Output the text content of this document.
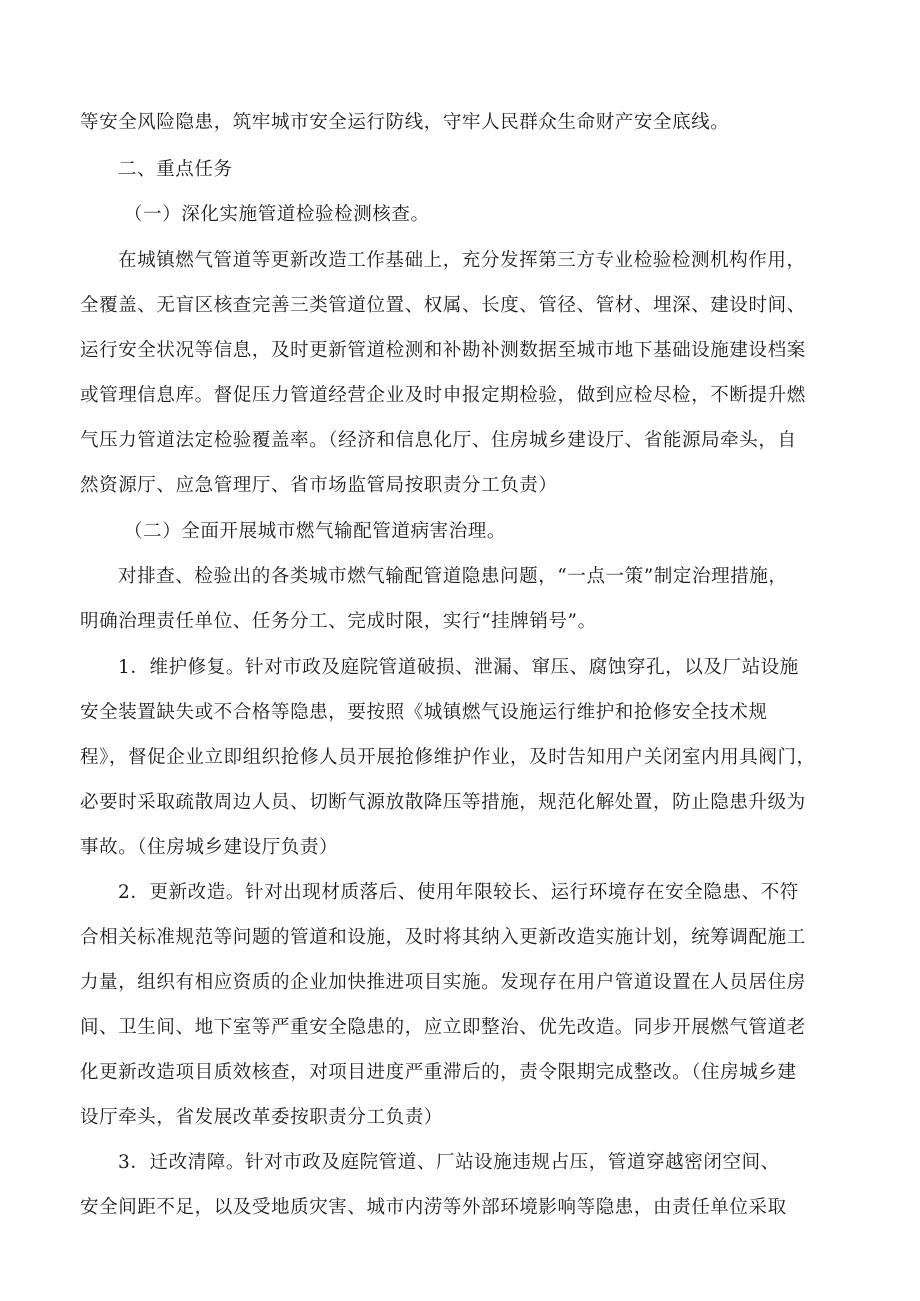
等安全风险隐患，筑牢城市安全运行防线，守牢人民群众生命财产安全底线。
二、重点任务
（一）深化实施管道检验检测核查。
在城镇燃气管道等更新改造工作基础上，充分发挥第三方专业检验检测机构作用，
全覆盖、无盲区核查完善三类管道位置、权属、长度、管径、管材、埋深、建设时间、
运行安全状况等信息，及时更新管道检测和补勘补测数据至城市地下基础设施建设档案
或管理信息库。督促压力管道经营企业及时申报定期检验，做到应检尽检，不断提升燃
气压力管道法定检验覆盖率。（经济和信息化厅、住房城乡建设厅、省能源局牵头，自
然资源厅、应急管理厅、省市场监管局按职责分工负责）
（二）全面开展城市燃气输配管道病害治理。
对排查、检验出的各类城市燃气输配管道隐患问题，“一点一策”制定治理措施，
明确治理责任单位、任务分工、完成时限，实行“挂牌销号”。
1．维护修复。针对市政及庭院管道破损、泄漏、窜压、腐蚀穿孔，以及厂站设施
安全装置缺失或不合格等隐患，要按照《城镇燃气设施运行维护和抢修安全技术规
程》，督促企业立即组织抢修人员开展抢修维护作业，及时告知用户关闭室内用具阀门，
必要时采取疏散周边人员、切断气源放散降压等措施，规范化解处置，防止隐患升级为
事故。（住房城乡建设厅负责）
2．更新改造。针对出现材质落后、使用年限较长、运行环境存在安全隐患、不符
合相关标准规范等问题的管道和设施，及时将其纳入更新改造实施计划，统筹调配施工
力量，组织有相应资质的企业加快推进项目实施。发现存在用户管道设置在人员居住房
间、卫生间、地下室等严重安全隐患的，应立即整治、优先改造。同步开展燃气管道老
化更新改造项目质效核查，对项目进度严重滞后的，责令限期完成整改。（住房城乡建
设厅牵头，省发展改革委按职责分工负责）
3．迁改清障。针对市政及庭院管道、厂站设施违规占压，管道穿越密闭空间、
安全间距不足，以及受地质灾害、城市内涝等外部环境影响等隐患，由责任单位采取
